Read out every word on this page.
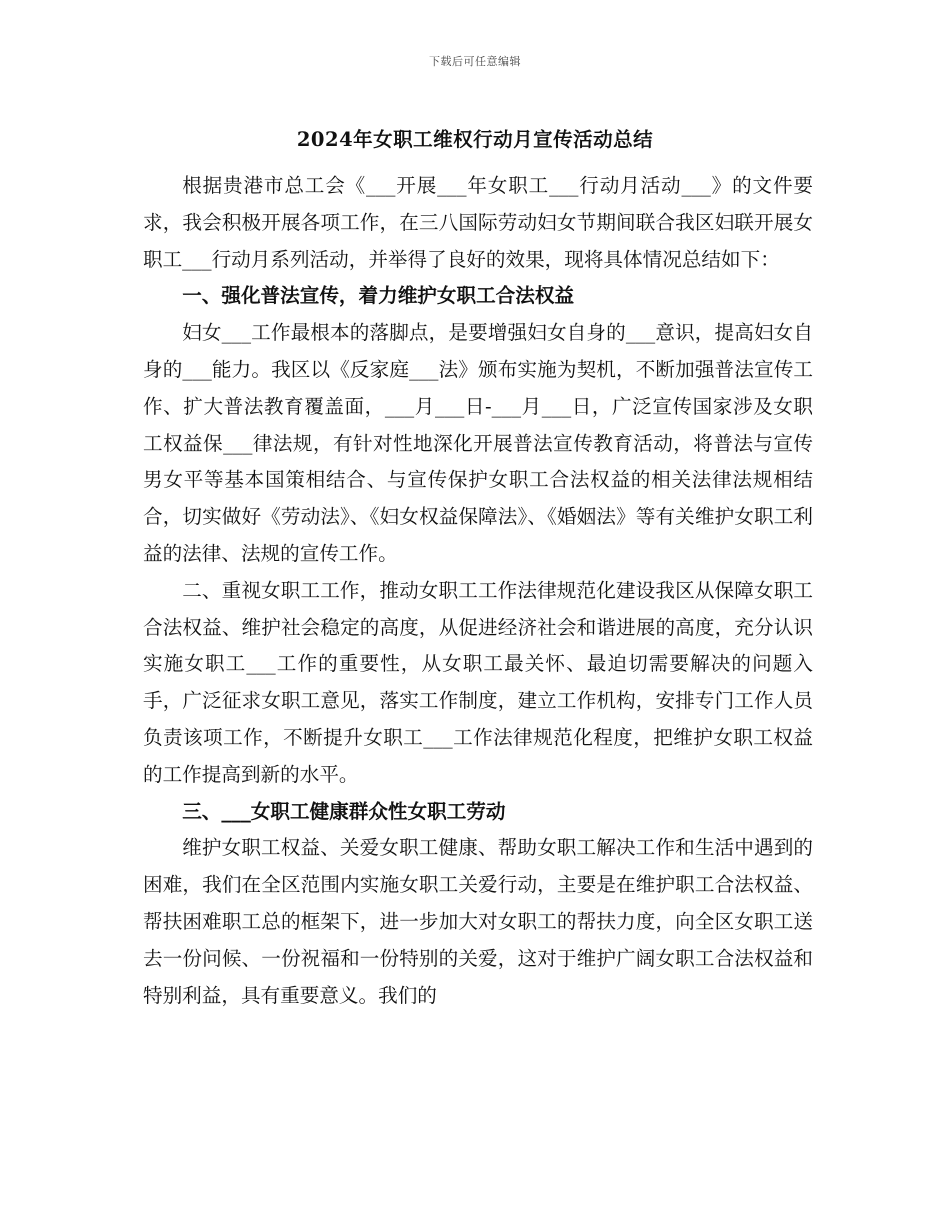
下载后可任意编辑
2024年女职工维权行动月宣传活动总结

根据贵港市总工会《___开展___年女职工___行动月活动___》的文件要求，我会积极开展各项工作，在三八国际劳动妇女节期间联合我区妇联开展女职工___行动月系列活动，并举得了良好的效果，现将具体情况总结如下：

一、强化普法宣传，着力维护女职工合法权益

妇女___工作最根本的落脚点，是要增强妇女自身的___意识，提高妇女自身的___能力。我区以《反家庭___法》颁布实施为契机，不断加强普法宣传工作、扩大普法教育覆盖面，___月___日-___月___日，广泛宣传国家涉及女职工权益保___律法规，有针对性地深化开展普法宣传教育活动，将普法与宣传男女平等基本国策相结合、与宣传保护女职工合法权益的相关法律法规相结合，切实做好《劳动法》、《妇女权益保障法》、《婚姻法》等有关维护女职工利益的法律、法规的宣传工作。

二、重视女职工工作，推动女职工工作法律规范化建设我区从保障女职工合法权益、维护社会稳定的高度，从促进经济社会和谐进展的高度，充分认识实施女职工___工作的重要性，从女职工最关怀、最迫切需要解决的问题入手，广泛征求女职工意见，落实工作制度，建立工作机构，安排专门工作人员负责该项工作，不断提升女职工___工作法律规范化程度，把维护女职工权益的工作提高到新的水平。

三、___女职工健康群众性女职工劳动

维护女职工权益、关爱女职工健康、帮助女职工解决工作和生活中遇到的困难，我们在全区范围内实施女职工关爱行动，主要是在维护职工合法权益、帮扶困难职工总的框架下，进一步加大对女职工的帮扶力度，向全区女职工送去一份问候、一份祝福和一份特别的关爱，这对于维护广阔女职工合法权益和特别利益，具有重要意义。我们的
